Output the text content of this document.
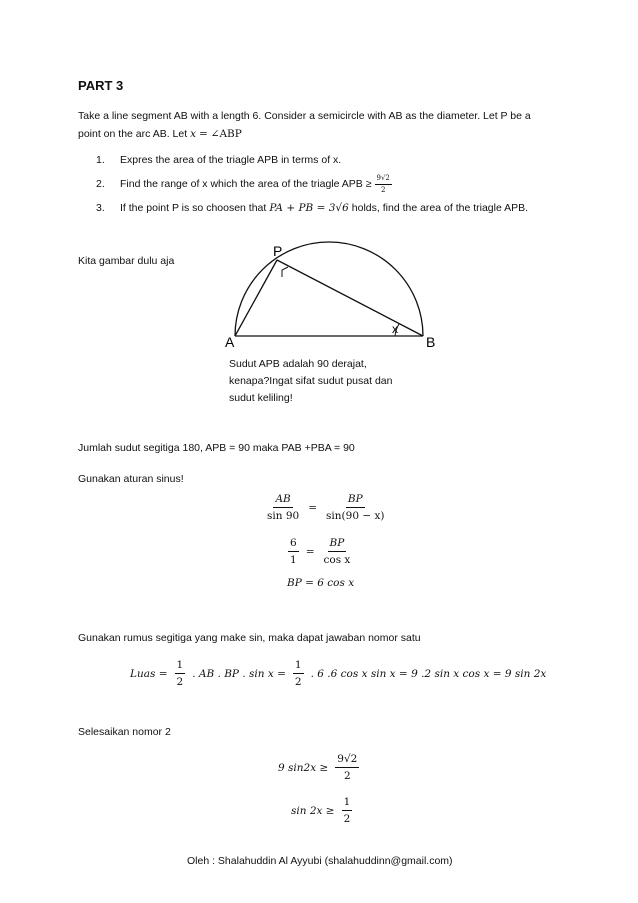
PART 3
Take a line segment AB with a length 6. Consider a semicircle with AB as the diameter. Let P be a
point on the arc AB. Let x = ∠ABP
1.	Expres the area of the triagle APB in terms of x.
2.	Find the range of x which the area of the triagle APB ≥ $\frac{9√2}{2}$
3.	If the point P is so choosen that PA + PB = 3√6 holds, find the area of the triagle APB.
Kita gambar dulu aja
P
A	B
x
Sudut APB adalah 90 derajat,
kenapa?Ingat sifat sudut pusat dan
sudut keliling!
Jumlah sudut segitiga 180, APB = 90 maka PAB +PBA = 90
Gunakan aturan sinus!
$\frac{AB}{\sin 90} = \frac{BP}{\sin(90 - x)}$
$\frac{6}{1} = \frac{BP}{\text{cos x}}$
BP = 6 cos x
Gunakan rumus segitiga yang make sin, maka dapat jawaban nomor satu
Luas = $\frac{1}{2}$ . AB . BP . $\sin x = \frac{1}{2}$ . 6 .6 cos x sin x = 9 .2 sin x cos x = 9 sin 2x
Selesaikan nomor 2
9 $\sin 2x \ge \frac{9√2}{2}$
$\sin 2x \ge \frac{1}{2}$
Oleh : Shalahuddin Al Ayyubi (shalahuddinn@gmail.com)
